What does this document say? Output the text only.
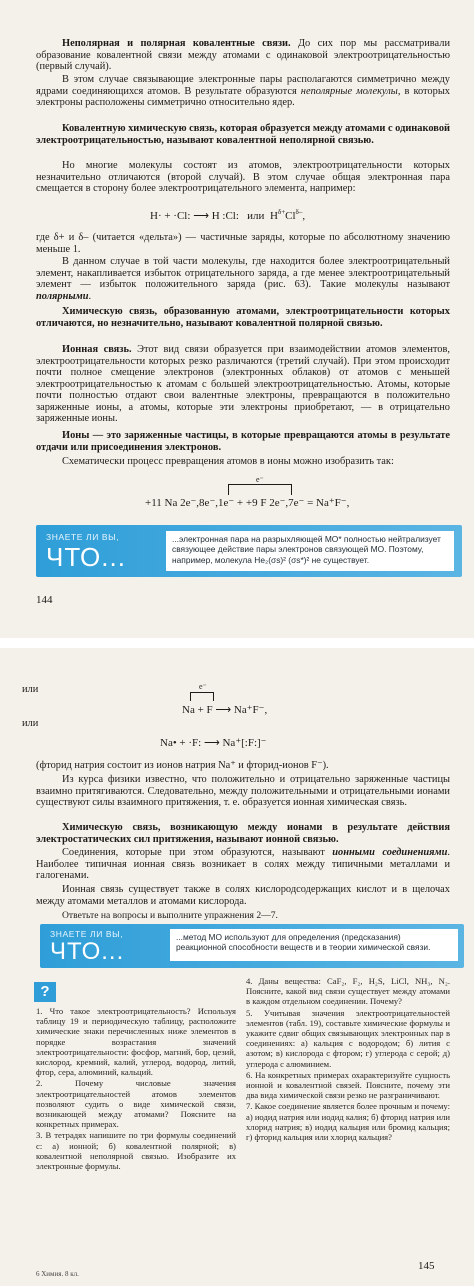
Неполярная и полярная ковалентные связи. До сих пор мы рассматривали образование ковалентной связи между атомами с одинаковой электроотрицательностью (первый случай).

В этом случае связывающие электронные пары располагаются симметрично между ядрами соединяющихся атомов. В результате образуются неполярные молекулы, в которых электроны расположены симметрично относительно ядер.

Ковалентную химическую связь, которая образуется между атомами с одинаковой электроотрицательностью, называют ковалентной неполярной связью.

Но многие молекулы состоят из атомов, электроотрицательности которых незначительно отличаются (второй случай). В этом случае общая электронная пара смещается в сторону более электроотрицательного элемента, например:

H· + ·Cl: ⟶ H :Cl: или $H^{\delta+}Cl^{\delta-}$,

где δ+ и δ– (читается «дельта») — частичные заряды, которые по абсолютному значению меньше 1.

В данном случае в той части молекулы, где находится более электроотрицательный элемент, накапливается избыток отрицательного заряда, а где менее электроотрицательный элемент — избыток положительного заряда (рис. 63). Такие молекулы называют полярными.

Химическую связь, образованную атомами, электроотрицательности которых отличаются, но незначительно, называют ковалентной полярной связью.

Ионная связь. Этот вид связи образуется при взаимодействии атомов элементов, электроотрицательности которых резко различаются (третий случай). При этом происходит почти полное смещение электронов (электронных облаков) от атомов с меньшей электроотрицательностью к атомам с большей электроотрицательностью. Атомы, которые почти полностью отдают свои валентные электроны, превращаются в положительно заряженные ионы, а атомы, которые эти электроны приобретают, — в отрицательно заряженные ионы.

Ионы — это заряженные частицы, в которые превращаются атомы в результате отдачи или присоединения электронов.

Схематически процесс превращения атомов в ионы можно изобразить так:

e⁻
+11 Na 2e⁻,8e⁻,1e⁻ + +9 F 2e⁻,7e⁻ = Na⁺F⁻,
ЗНАЕТЕ ЛИ ВЫ,
ЧТО...
...электронная пара на разрыхляющей МО* полностью нейтрализует связующее действие пары электронов связующей МО. Поэтому, например, молекула He₂(σs)² (σs*)² не существует.
144
или
или
e⁻
Na + F ⟶ Na⁺F⁻,
Na• + ·F: ⟶ Na⁺[:F:]⁻

(фторид натрия состоит из ионов натрия Na⁺ и фторид-ионов F⁻).

Из курса физики известно, что положительно и отрицательно заряженные частицы взаимно притягиваются. Следовательно, между положительными и отрицательными ионами существуют силы взаимного притяжения, т. е. образуется ионная химическая связь.

Химическую связь, возникающую между ионами в результате действия электростатических сил притяжения, называют ионной связью.

Соединения, которые при этом образуются, называют ионными соединениями. Наиболее типичная ионная связь возникает в солях между типичными металлами и галогенами.

Ионная связь существует также в солях кислородсодержащих кислот и в щелочах между атомами металлов и атомами кислорода.

Ответьте на вопросы и выполните упражнения 2—7.

ЗНАЕТЕ ЛИ ВЫ,
ЧТО...
...метод МО используют для определения (предсказания) реакционной способности веществ и в теории химической связи.
?

1. Что такое электроотрицательность? Используя таблицу 19 и периодическую таблицу, расположите химические знаки перечисленных ниже элементов в порядке возрастания значений электроотрицательности: фосфор, магний, бор, цезий, кислород, кремний, калий, углерод, водород, литий, фтор, сера, алюминий, кальций.

2. Почему числовые значения электроотрицательностей атомов элементов позволяют судить о виде химической связи, возникающей между атомами? Поясните на конкретных примерах.

3. В тетрадях напишите по три формулы соединений с: а) ионной; б) ковалентной полярной; в) ковалентной неполярной связью. Изобразите их электронные формулы.

4. Даны вещества: CaF₂, F₂, H₂S, LiCl, NH₃, N₂. Поясните, какой вид связи существует между атомами в каждом отдельном соединении. Почему?

5. Учитывая значения электроотрицательностей элементов (табл. 19), составьте химические формулы и укажите сдвиг общих связывающих электронных пар в соединениях: а) кальция с водородом; б) лития с азотом; в) кислорода с фтором; г) углерода с серой; д) углерода с алюминием.

6. На конкретных примерах охарактеризуйте сущность ионной и ковалентной связей. Поясните, почему эти два вида химической связи резко не разграничивают.

7. Какое соединение является более прочным и почему: а) иодид натрия или иодид калия; б) фторид натрия или хлорид натрия; в) иодид кальция или бромид кальция; г) фторид кальция или хлорид кальция?

6 Химия. 8 кл.
145
